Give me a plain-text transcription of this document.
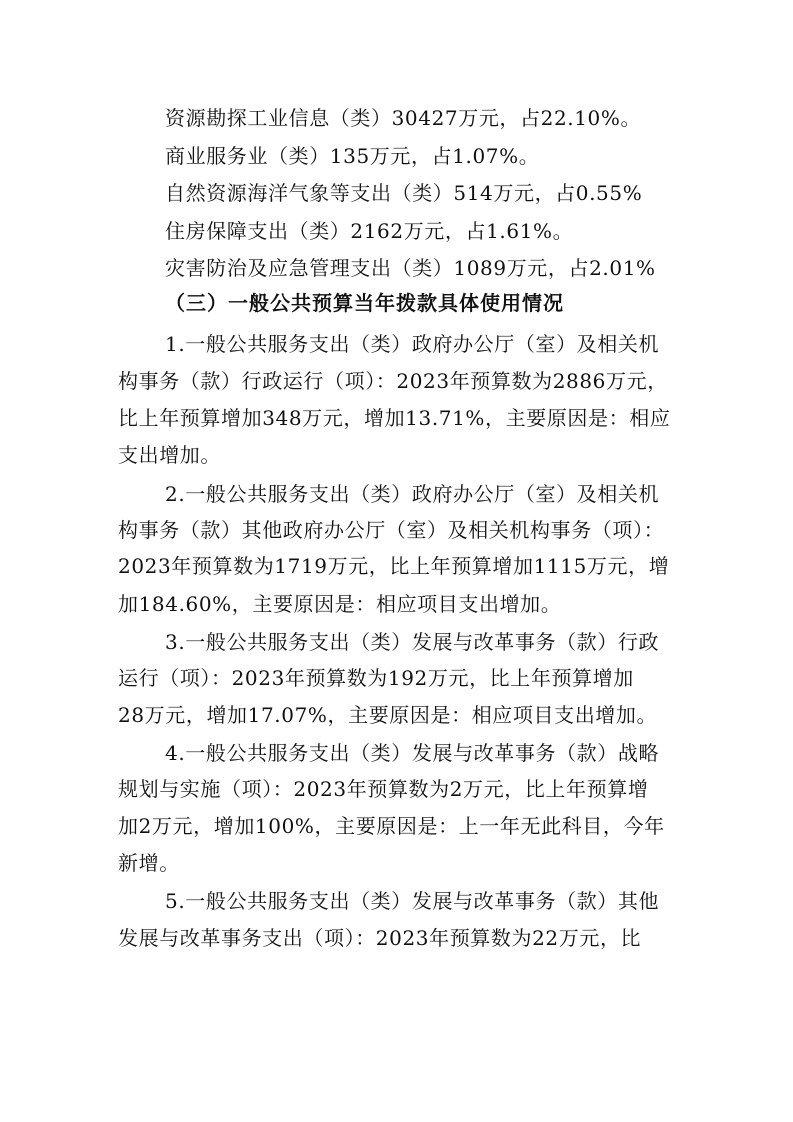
资源勘探工业信息（类）30427万元，占22.10%。
商业服务业（类）135万元，占1.07%。
自然资源海洋气象等支出（类）514万元，占0.55%
住房保障支出（类）2162万元，占1.61%。
灾害防治及应急管理支出（类）1089万元，占2.01%
（三）一般公共预算当年拨款具体使用情况
1.一般公共服务支出（类）政府办公厅（室）及相关机
构事务（款）行政运行（项）：2023年预算数为2886万元，
比上年预算增加348万元，增加13.71%，主要原因是：相应
支出增加。
2.一般公共服务支出（类）政府办公厅（室）及相关机
构事务（款）其他政府办公厅（室）及相关机构事务（项）：
2023年预算数为1719万元，比上年预算增加1115万元，增
加184.60%，主要原因是：相应项目支出增加。
3.一般公共服务支出（类）发展与改革事务（款）行政
运行（项）：2023年预算数为192万元，比上年预算增加
28万元，增加17.07%，主要原因是：相应项目支出增加。
4.一般公共服务支出（类）发展与改革事务（款）战略
规划与实施（项）：2023年预算数为2万元，比上年预算增
加2万元，增加100%，主要原因是：上一年无此科目，今年
新增。
5.一般公共服务支出（类）发展与改革事务（款）其他
发展与改革事务支出（项）：2023年预算数为22万元，比
